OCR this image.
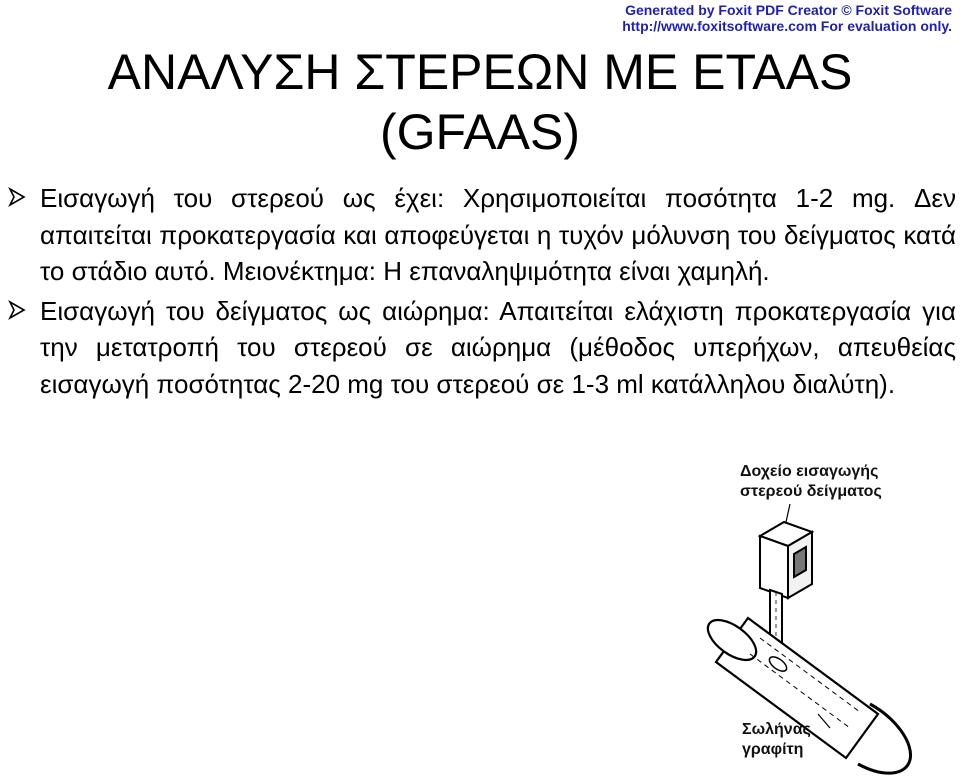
Generated by Foxit PDF Creator © Foxit Software
http://www.foxitsoftware.com For evaluation only.
ΑΝΑΛΥΣΗ ΣΤΕΡΕΩΝ ΜΕ ETAAS
(GFAAS)
Εισαγωγή του στερεού ως έχει: Χρησιμοποιείται ποσότητα 1-2 mg. Δεν απαιτείται προκατεργασία και αποφεύγεται η τυχόν μόλυνση του δείγματος κατά το στάδιο αυτό. Μειονέκτημα: Η επαναληψιμότητα είναι χαμηλή.
Εισαγωγή του δείγματος ως αιώρημα: Απαιτείται ελάχιστη προκατεργασία για την μετατροπή του στερεού σε αιώρημα (μέθοδος υπερήχων, απευθείας εισαγωγή ποσότητας 2-20 mg του στερεού σε 1-3 ml κατάλληλου διαλύτη).
Δοχείο εισαγωγής
στερεού δείγματος
Σωλήνας
γραφίτη
